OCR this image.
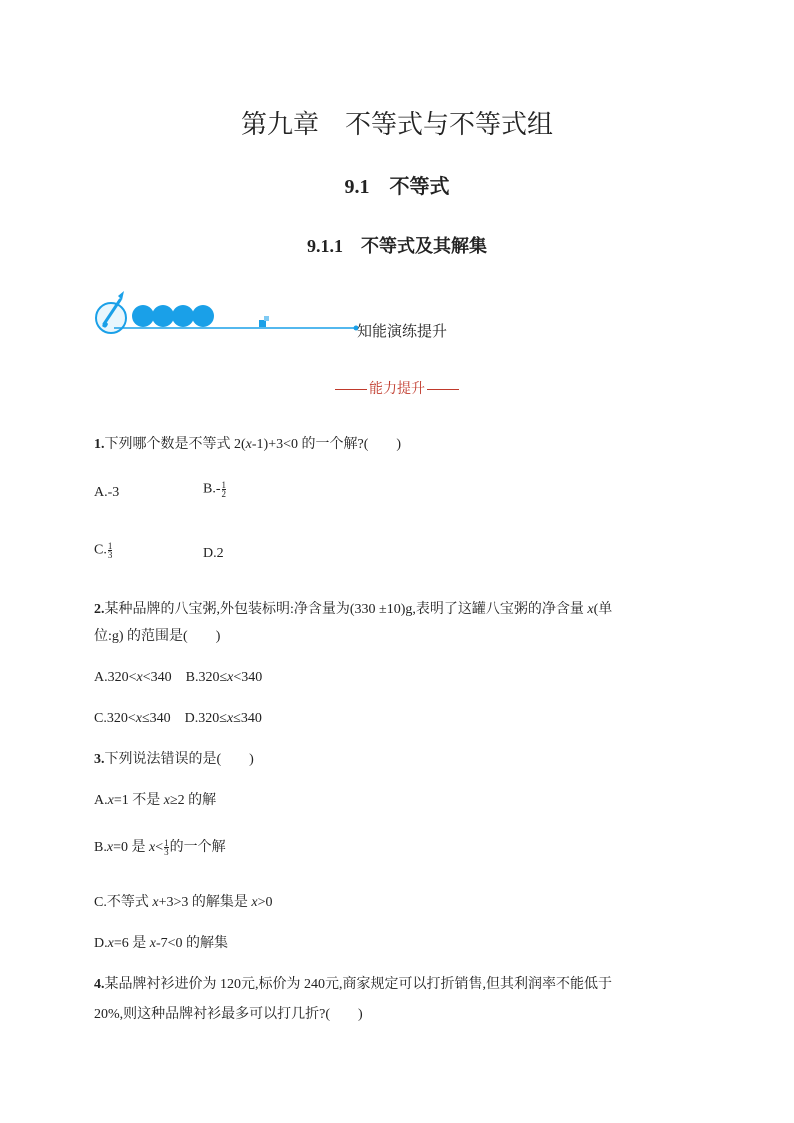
第九章　不等式与不等式组
9.1　 不等式
9.1.1　 不等式及其解集
知能演练提升
能力提升
1.下列哪个数是不等式 2(x-1)+3<0 的一个解?(　　)
A.-3	$B.- \frac{1}{2}$
C. $\frac{1}{3}$	D.2
2.某种品牌的八宝粥,外包装标明:净含量为(330 ±10)g,表明了这罐八宝粥的净含量 x(单
位:g) 的范围是(　　)
A.320<x<340　B.320≤x<340
C.320<x≤340　D.320≤x≤340
3.下列说法错误的是(　　)
A.x=1 不是 x≥2 的解
B.x=0 是 $x< \frac{1}{3}$ 的一个解
C.不等式 x+3>3 的解集是 x>0
D.x=6 是 x-7<0 的解集
4.某品牌衬衫进价为 120元,标价为 240元,商家规定可以打折销售,但其利润率不能低于
20%,则这种品牌衬衫最多可以打几折?(　　)
